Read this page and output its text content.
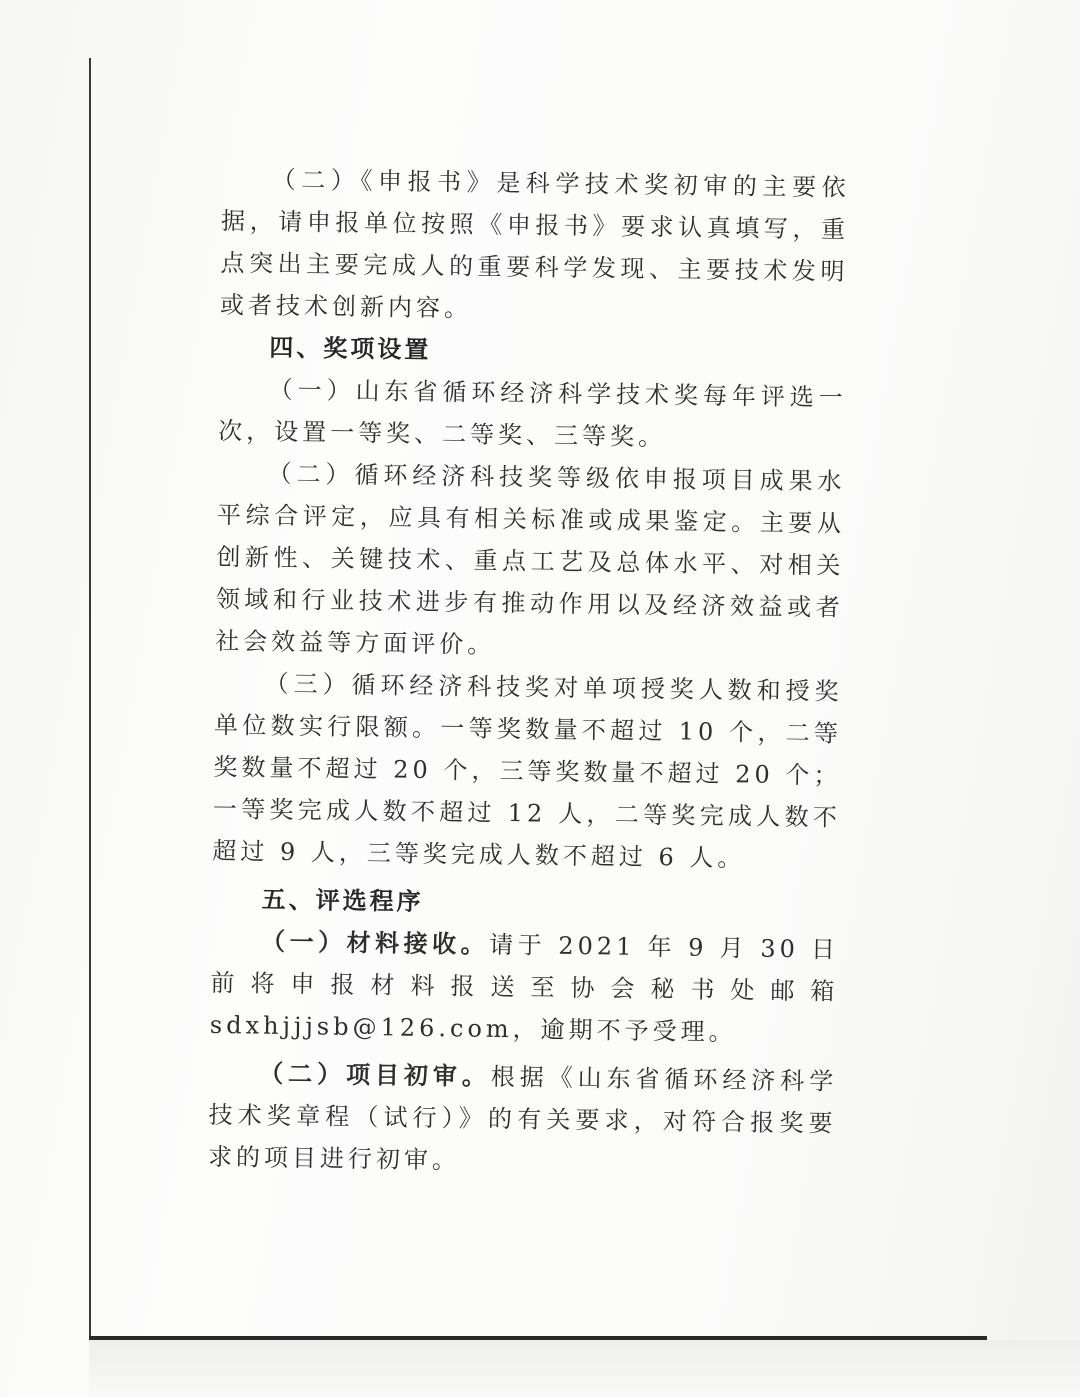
（二）《申报书》是科学技术奖初审的主要依据，请申报单位按照《申报书》要求认真填写，重点突出主要完成人的重要科学发现、主要技术发明或者技术创新内容。

四、奖项设置

（一）山东省循环经济科学技术奖每年评选一次，设置一等奖、二等奖、三等奖。

（二）循环经济科技奖等级依申报项目成果水平综合评定，应具有相关标准或成果鉴定。主要从创新性、关键技术、重点工艺及总体水平、对相关领域和行业技术进步有推动作用以及经济效益或者社会效益等方面评价。

（三）循环经济科技奖对单项授奖人数和授奖单位数实行限额。一等奖数量不超过 10 个，二等奖数量不超过 20 个，三等奖数量不超过 20 个；一等奖完成人数不超过 12 人，二等奖完成人数不超过 9 人，三等奖完成人数不超过 6 人。

五、评选程序

（一）材料接收。请于 2021 年 9 月 30 日前将申报材料报送至协会秘书处邮箱 sdxhjjjsb@126.com，逾期不予受理。

（二）项目初审。根据《山东省循环经济科学技术奖章程（试行）》的有关要求，对符合报奖要求的项目进行初审。
